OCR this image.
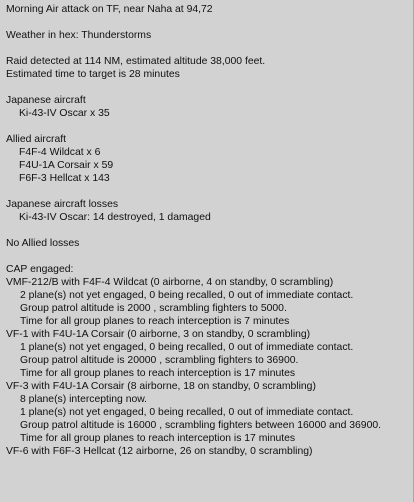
Morning Air attack on TF, near Naha at 94,72
Weather in hex: Thunderstorms
Raid detected at 114 NM, estimated altitude 38,000 feet.
Estimated time to target is 28 minutes
Japanese aircraft
Ki-43-IV Oscar x 35
Allied aircraft
F4F-4 Wildcat x 6
F4U-1A Corsair x 59
F6F-3 Hellcat x 143
Japanese aircraft losses
Ki-43-IV Oscar: 14 destroyed, 1 damaged
No Allied losses
CAP engaged:
VMF-212/B with F4F-4 Wildcat (0 airborne, 4 on standby, 0 scrambling)
2 plane(s) not yet engaged, 0 being recalled, 0 out of immediate contact.
Group patrol altitude is 2000 , scrambling fighters to 5000.
Time for all group planes to reach interception is 7 minutes
VF-1 with F4U-1A Corsair (0 airborne, 3 on standby, 0 scrambling)
1 plane(s) not yet engaged, 0 being recalled, 0 out of immediate contact.
Group patrol altitude is 20000 , scrambling fighters to 36900.
Time for all group planes to reach interception is 17 minutes
VF-3 with F4U-1A Corsair (8 airborne, 18 on standby, 0 scrambling)
8 plane(s) intercepting now.
1 plane(s) not yet engaged, 0 being recalled, 0 out of immediate contact.
Group patrol altitude is 16000 , scrambling fighters between 16000 and 36900.
Time for all group planes to reach interception is 17 minutes
VF-6 with F6F-3 Hellcat (12 airborne, 26 on standby, 0 scrambling)
